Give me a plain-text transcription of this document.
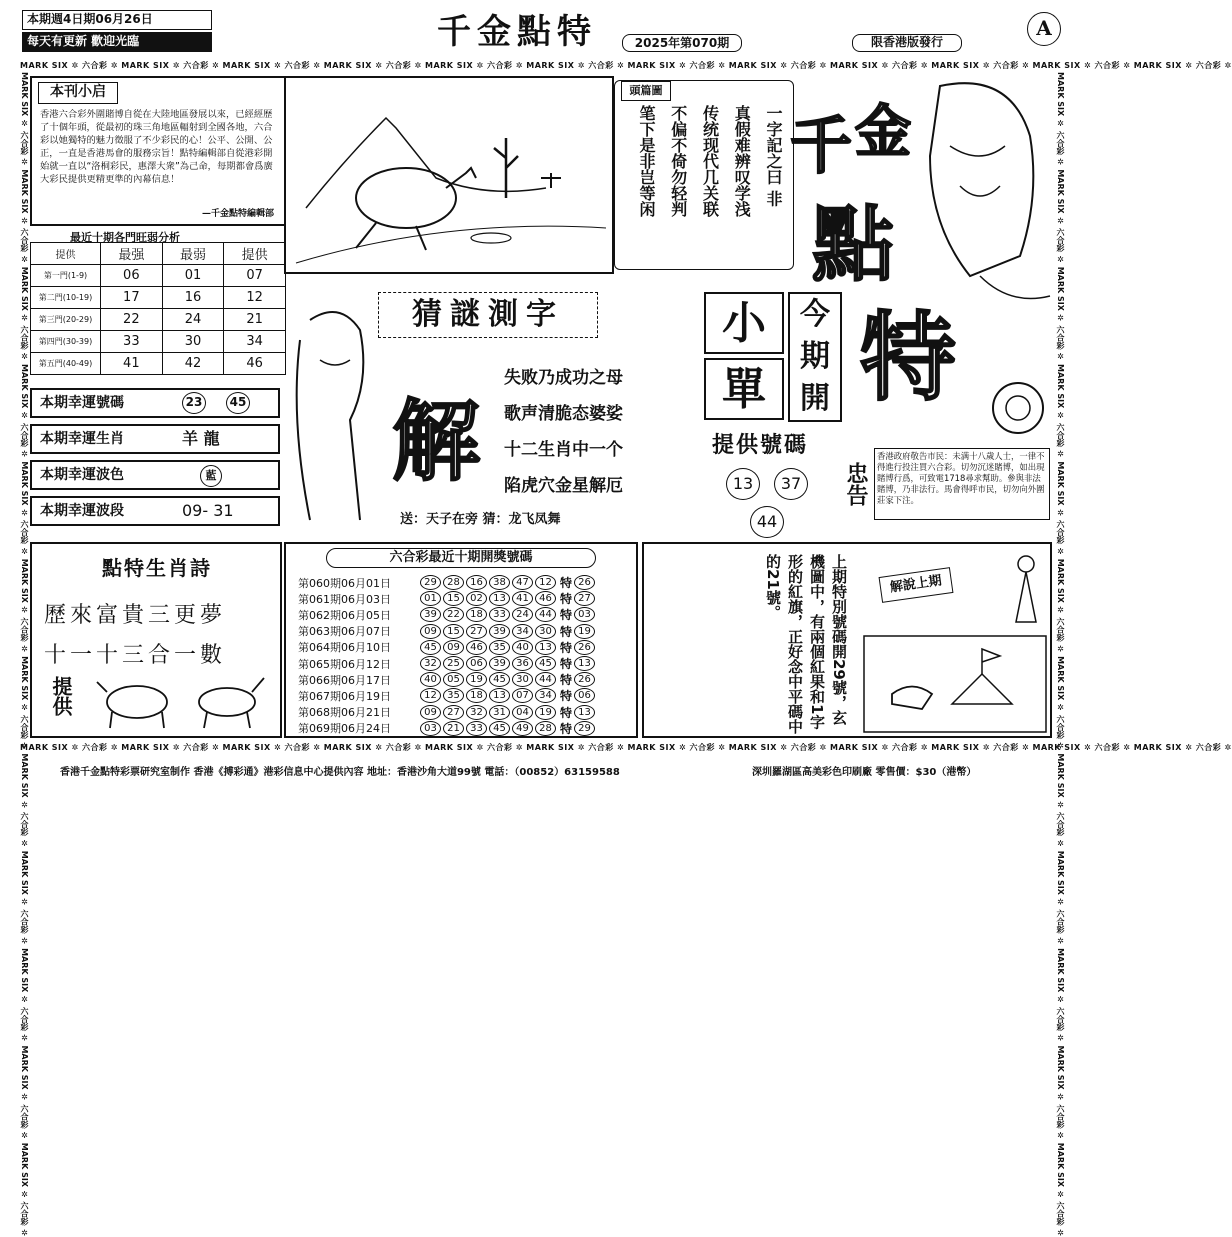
本期週4日期06月26日
每天有更新 歡迎光臨	千金點特	2025年第070期	限香港版發行
A
MARK SIX ✲ 六合彩 ✲ MARK SIX ✲ 六合彩 ✲ MARK SIX ✲ 六合彩 ✲ MARK SIX ✲ 六合彩 ✲ MARK SIX ✲ 六合彩 ✲ MARK SIX ✲ 六合彩 ✲ MARK SIX ✲ 六合彩 ✲ MARK SIX ✲ 六合彩 ✲ MARK SIX ✲ 六合彩 ✲ MARK SIX ✲ 六合彩 ✲ MARK SIX ✲ 六合彩 ✲ MARK SIX ✲ 六合彩 ✲
MARK SIX ✲ 六合彩 ✲ MARK SIX ✲ 六合彩 ✲ MARK SIX ✲ 六合彩 ✲ MARK SIX ✲ 六合彩 ✲ MARK SIX ✲ 六合彩 ✲ MARK SIX ✲ 六合彩 ✲ MARK SIX ✲ 六合彩 ✲ MARK SIX ✲ 六合彩 ✲ MARK SIX ✲ 六合彩 ✲ MARK SIX ✲ 六合彩 ✲ MARK SIX ✲ 六合彩 ✲ MARK SIX ✲ 六合彩 ✲
MARK SIX ✲ 六合彩 ✲ MARK SIX ✲ 六合彩 ✲ MARK SIX ✲ 六合彩 ✲ MARK SIX ✲ 六合彩 ✲ MARK SIX ✲ 六合彩 ✲ MARK SIX ✲ 六合彩 ✲ MARK SIX ✲ 六合彩 ✲ MARK SIX ✲ 六合彩 ✲ MARK SIX ✲ 六合彩 ✲ MARK SIX ✲ 六合彩 ✲ MARK SIX ✲ 六合彩 ✲ MARK SIX ✲ 六合彩 ✲	MARK SIX ✲ 六合彩 ✲ MARK SIX ✲ 六合彩 ✲ MARK SIX ✲ 六合彩 ✲ MARK SIX ✲ 六合彩 ✲ MARK SIX ✲ 六合彩 ✲ MARK SIX ✲ 六合彩 ✲ MARK SIX ✲ 六合彩 ✲ MARK SIX ✲ 六合彩 ✲ MARK SIX ✲ 六合彩 ✲ MARK SIX ✲ 六合彩 ✲ MARK SIX ✲ 六合彩 ✲ MARK SIX ✲ 六合彩 ✲
本刊小启
香港六合彩外圍賭博自從在大陸地區發展以來，已經經歷了十個年頭，從最初的珠三角地區輻射到全國各地，六合彩以她獨特的魅力徵服了不少彩民的心！公平、公開、公正，一直是香港馬會的服務宗旨！點特編輯部自從港彩開始就一直以“洛桐彩民，惠澤大衆”為己命，每期都會爲廣大彩民提供更精更準的內幕信息！
—千金點特編輯部
最近十期各門旺弱分析
提供	最强	最弱	提供
第一門(1-9)	06	01	07
第二門(10-19)	17	16	12
第三門(20-29)	22	24	21
第四門(30-39)	33	30	34
第五門(40-49)	41	42	46
本期幸運號碼	23	45
本期幸運生肖	羊 龍
本期幸運波色	藍
本期幸運波段	09- 31
頭篇圖
一字記之曰 非
真假难辨叹学浅
传统现代几关联
不偏不倚勿轻判
笔下是非岂等闲 千 金
點
特
猜謎測字
解
失败乃成功之母
歌声清脆态婆娑
十二生肖中一个
陷虎穴金星解厄
送：天子在旁 猜：龙飞凤舞
小
單
今
期
開
提供號碼
13	37
44
忠告
香港政府敬告市民：未满十八歲人士，一律不得進行投注買六合彩。切勿沉迷賭博，如出現賭博行爲，可致電1718尋求幫助。參與非法賭博，乃非法行。馬會得呼市民，切勿向外圍莊家下注。
點特生肖詩
歷來富貴三更夢
十一十三合一數
提供
六合彩最近十期開獎號碼
第060期06月01日	29	28	16	38	47	12 特 26
第061期06月03日	01	15	02	13	41	46 特 27
第062期06月05日	39	22	18	33	24	44 特 03
第063期06月07日	09	15	27	39	34	30 特 19
第064期06月10日	45	09	46	35	40	13 特 26
第065期06月12日	32	25	06	39	36	45 特 13
第066期06月17日	40	05	19	45	30	44 特 26
第067期06月19日	12	35	18	13	07	34 特 06
第068期06月21日	09	27	32	31	04	19 特 13
第069期06月24日	03	21	33	45	49	28 特 29
上期特別號碼開29號，玄機圖中，有兩個紅果和1字形的紅旗，正好念中平碼中的21號。	解說上期
香港千金點特彩票研究室制作 香港《搏彩通》港彩信息中心提供內容 地址：香港沙角大道99號 電話：（00852）63159588	深圳羅湖區高美彩色印刷廠 零售價：$30（港幣）
